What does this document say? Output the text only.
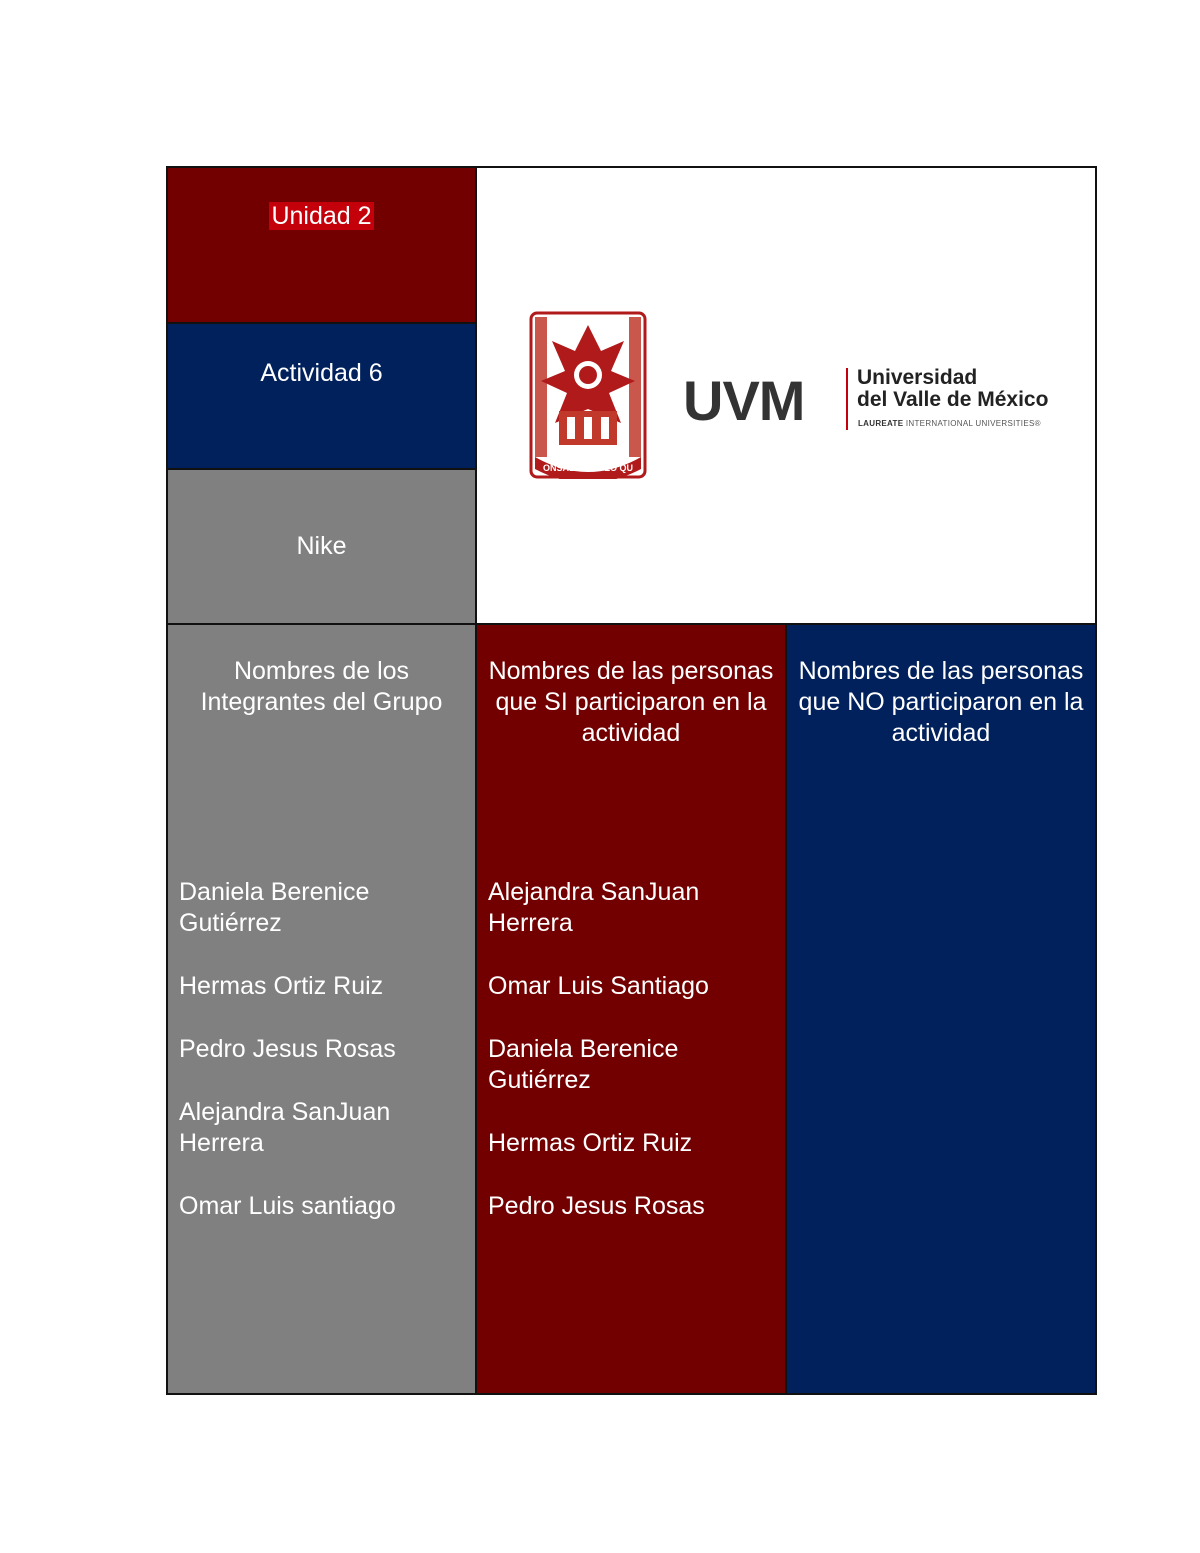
Unidad 2
Actividad 6
Nike
ONSABLE DE LO QU
UVM	Universidad
del Valle de México
LAUREATE INTERNATIONAL UNIVERSITIES®
Nombres de los Integrantes del Grupo
Daniela Berenice Gutiérrez
Hermas Ortiz Ruiz
Pedro Jesus Rosas
Alejandra SanJuan Herrera
Omar Luis santiago
Nombres de las personas que SI participaron en la actividad
Alejandra SanJuan Herrera
Omar Luis Santiago
Daniela Berenice Gutiérrez
Hermas Ortiz Ruiz
Pedro Jesus Rosas
Nombres de las personas que NO participaron en la actividad
